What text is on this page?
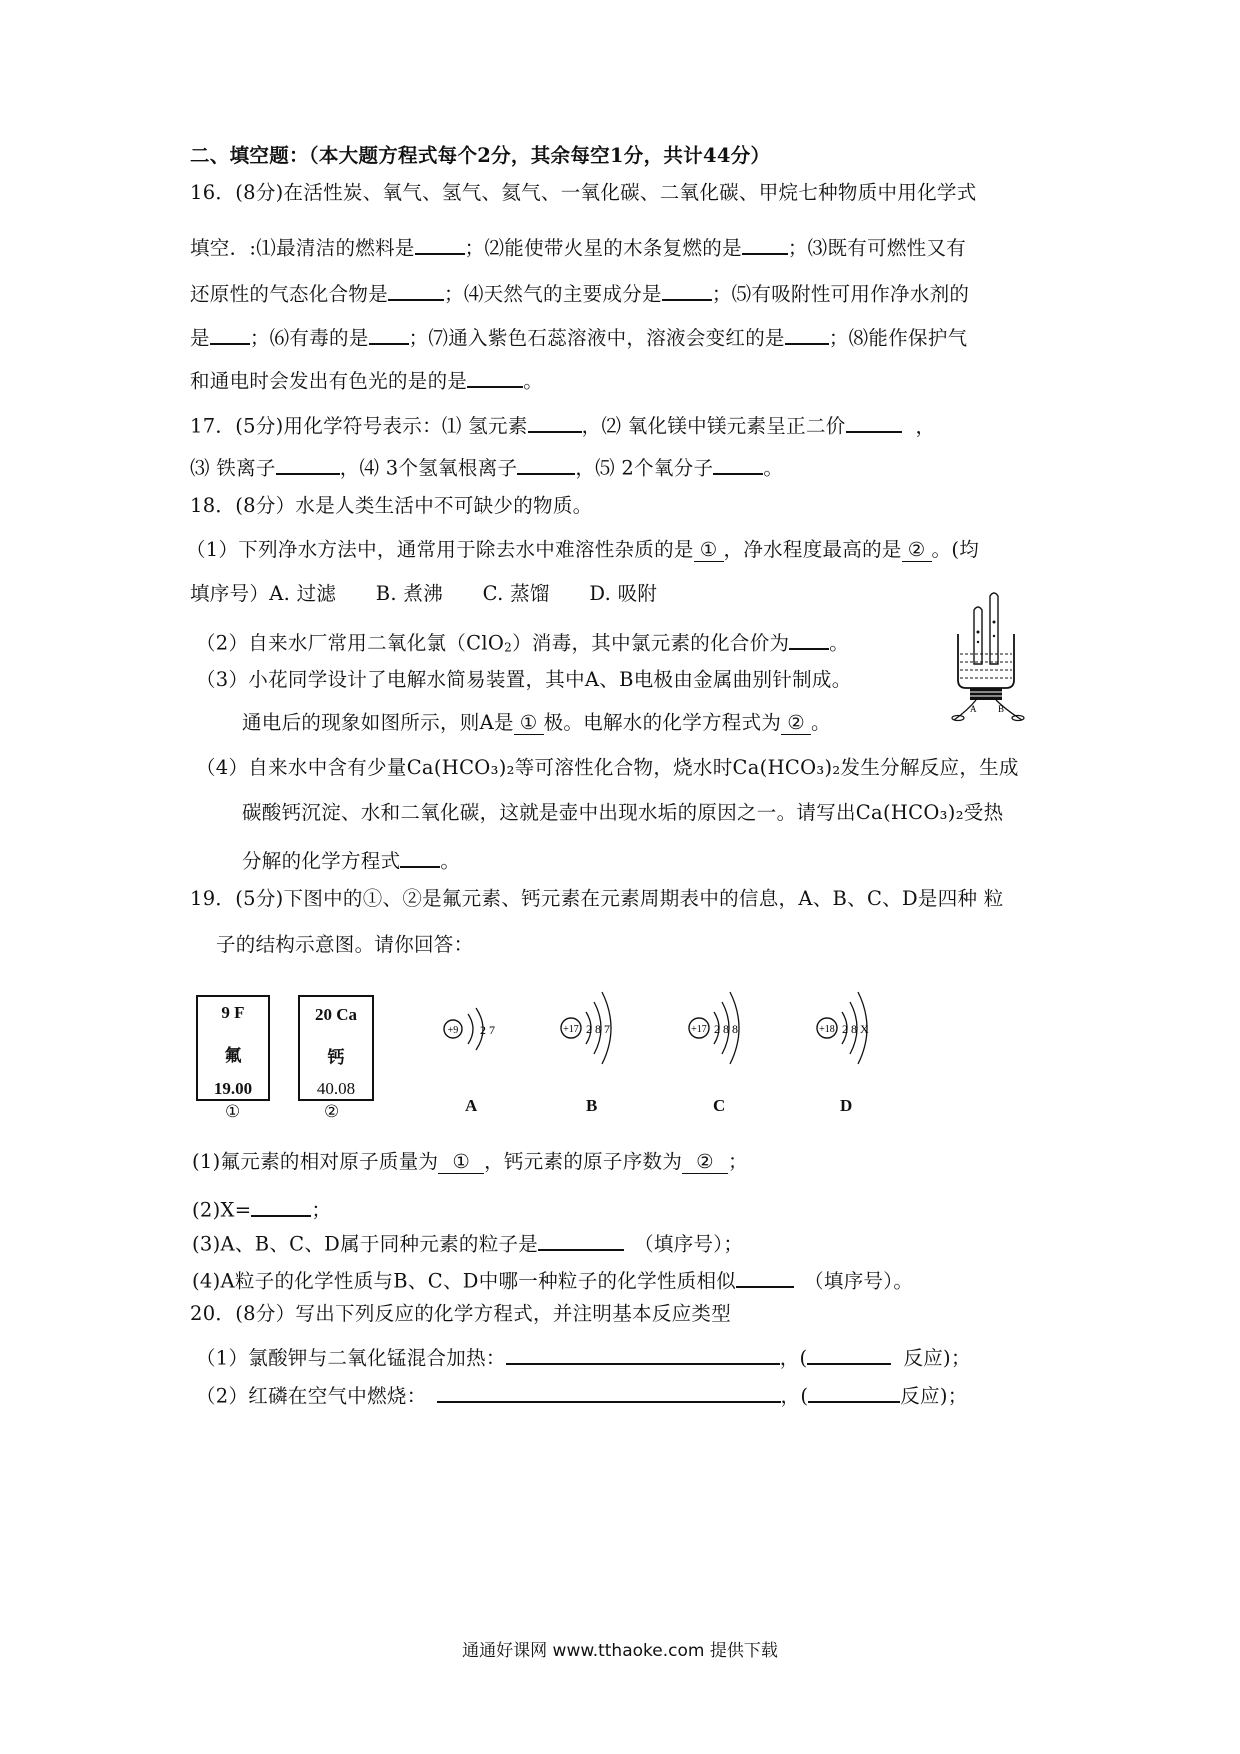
二、填空题：（本大题方程式每个2分，其余每空1分，共计44分）
16．(8分)在活性炭、氧气、氢气、氦气、一氧化碳、二氧化碳、甲烷七种物质中用化学式
填空．:⑴最清洁的燃料是	；⑵能使带火星的木条复燃的是 ；⑶既有可燃性又有
还原性的气态化合物是	；⑷天然气的主要成分是	；⑸有吸附性可用作净水剂的
是 ；⑹有毒的是 ；⑺通入紫色石蕊溶液中，溶液会变红的是 ；⑻能作保护气
和通电时会发出有色光的是的是	。
17．(5分)用化学符号表示：⑴ 氢元素	，⑵ 氧化镁中镁元素呈正二价	，
⑶ 铁离子	，⑷ 3个氢氧根离子	，⑸ 2个氧分子	。
18．(8分）水是人类生活中不可缺少的物质。
（1）下列净水方法中，通常用于除去水中难溶性杂质的是 ① ，净水程度最高的是 ② 。(均
填序号）A. 过滤　　B. 煮沸　　C. 蒸馏　　D. 吸附
（2）自来水厂常用二氧化氯（ClO2）消毒，其中氯元素的化合价为 。
（3）小花同学设计了电解水简易装置，其中A、B电极由金属曲别针制成。
通电后的现象如图所示，则A是 ① 极。电解水的化学方程式为 ② 。
（4）自来水中含有少量Ca(HCO₃)₂等可溶性化合物，烧水时Ca(HCO₃)₂发生分解反应，生成
碳酸钙沉淀、水和二氧化碳，这就是壶中出现水垢的原因之一。请写出Ca(HCO₃)₂受热
分解的化学方程式 。
A B
19．(5分)下图中的①、②是氟元素、钙元素在元素周期表中的信息，A、B、C、D是四种 粒
子的结构示意图。请你回答：
9 F
氟
19.00
①
20 Ca
钙
40.08
②
+9 2 7
A
+17 2 8 7
B
+17 2 8 8
C
+18 2 8 X
D
(1)氟元素的相对原子质量为 ① ，钙元素的原子序数为 ② ；
(2)X=	；
(3)A、B、C、D属于同种元素的粒子是	（填序号）；
(4)A粒子的化学性质与B、C、D中哪一种粒子的化学性质相似	（填序号）。
20．(8分）写出下列反应的化学方程式，并注明基本反应类型
（1）氯酸钾与二氧化锰混合加热：	，(	反应)；
（2）红磷在空气中燃烧：	，(	反应)；
通通好课网 www.tthaoke.com 提供下载
